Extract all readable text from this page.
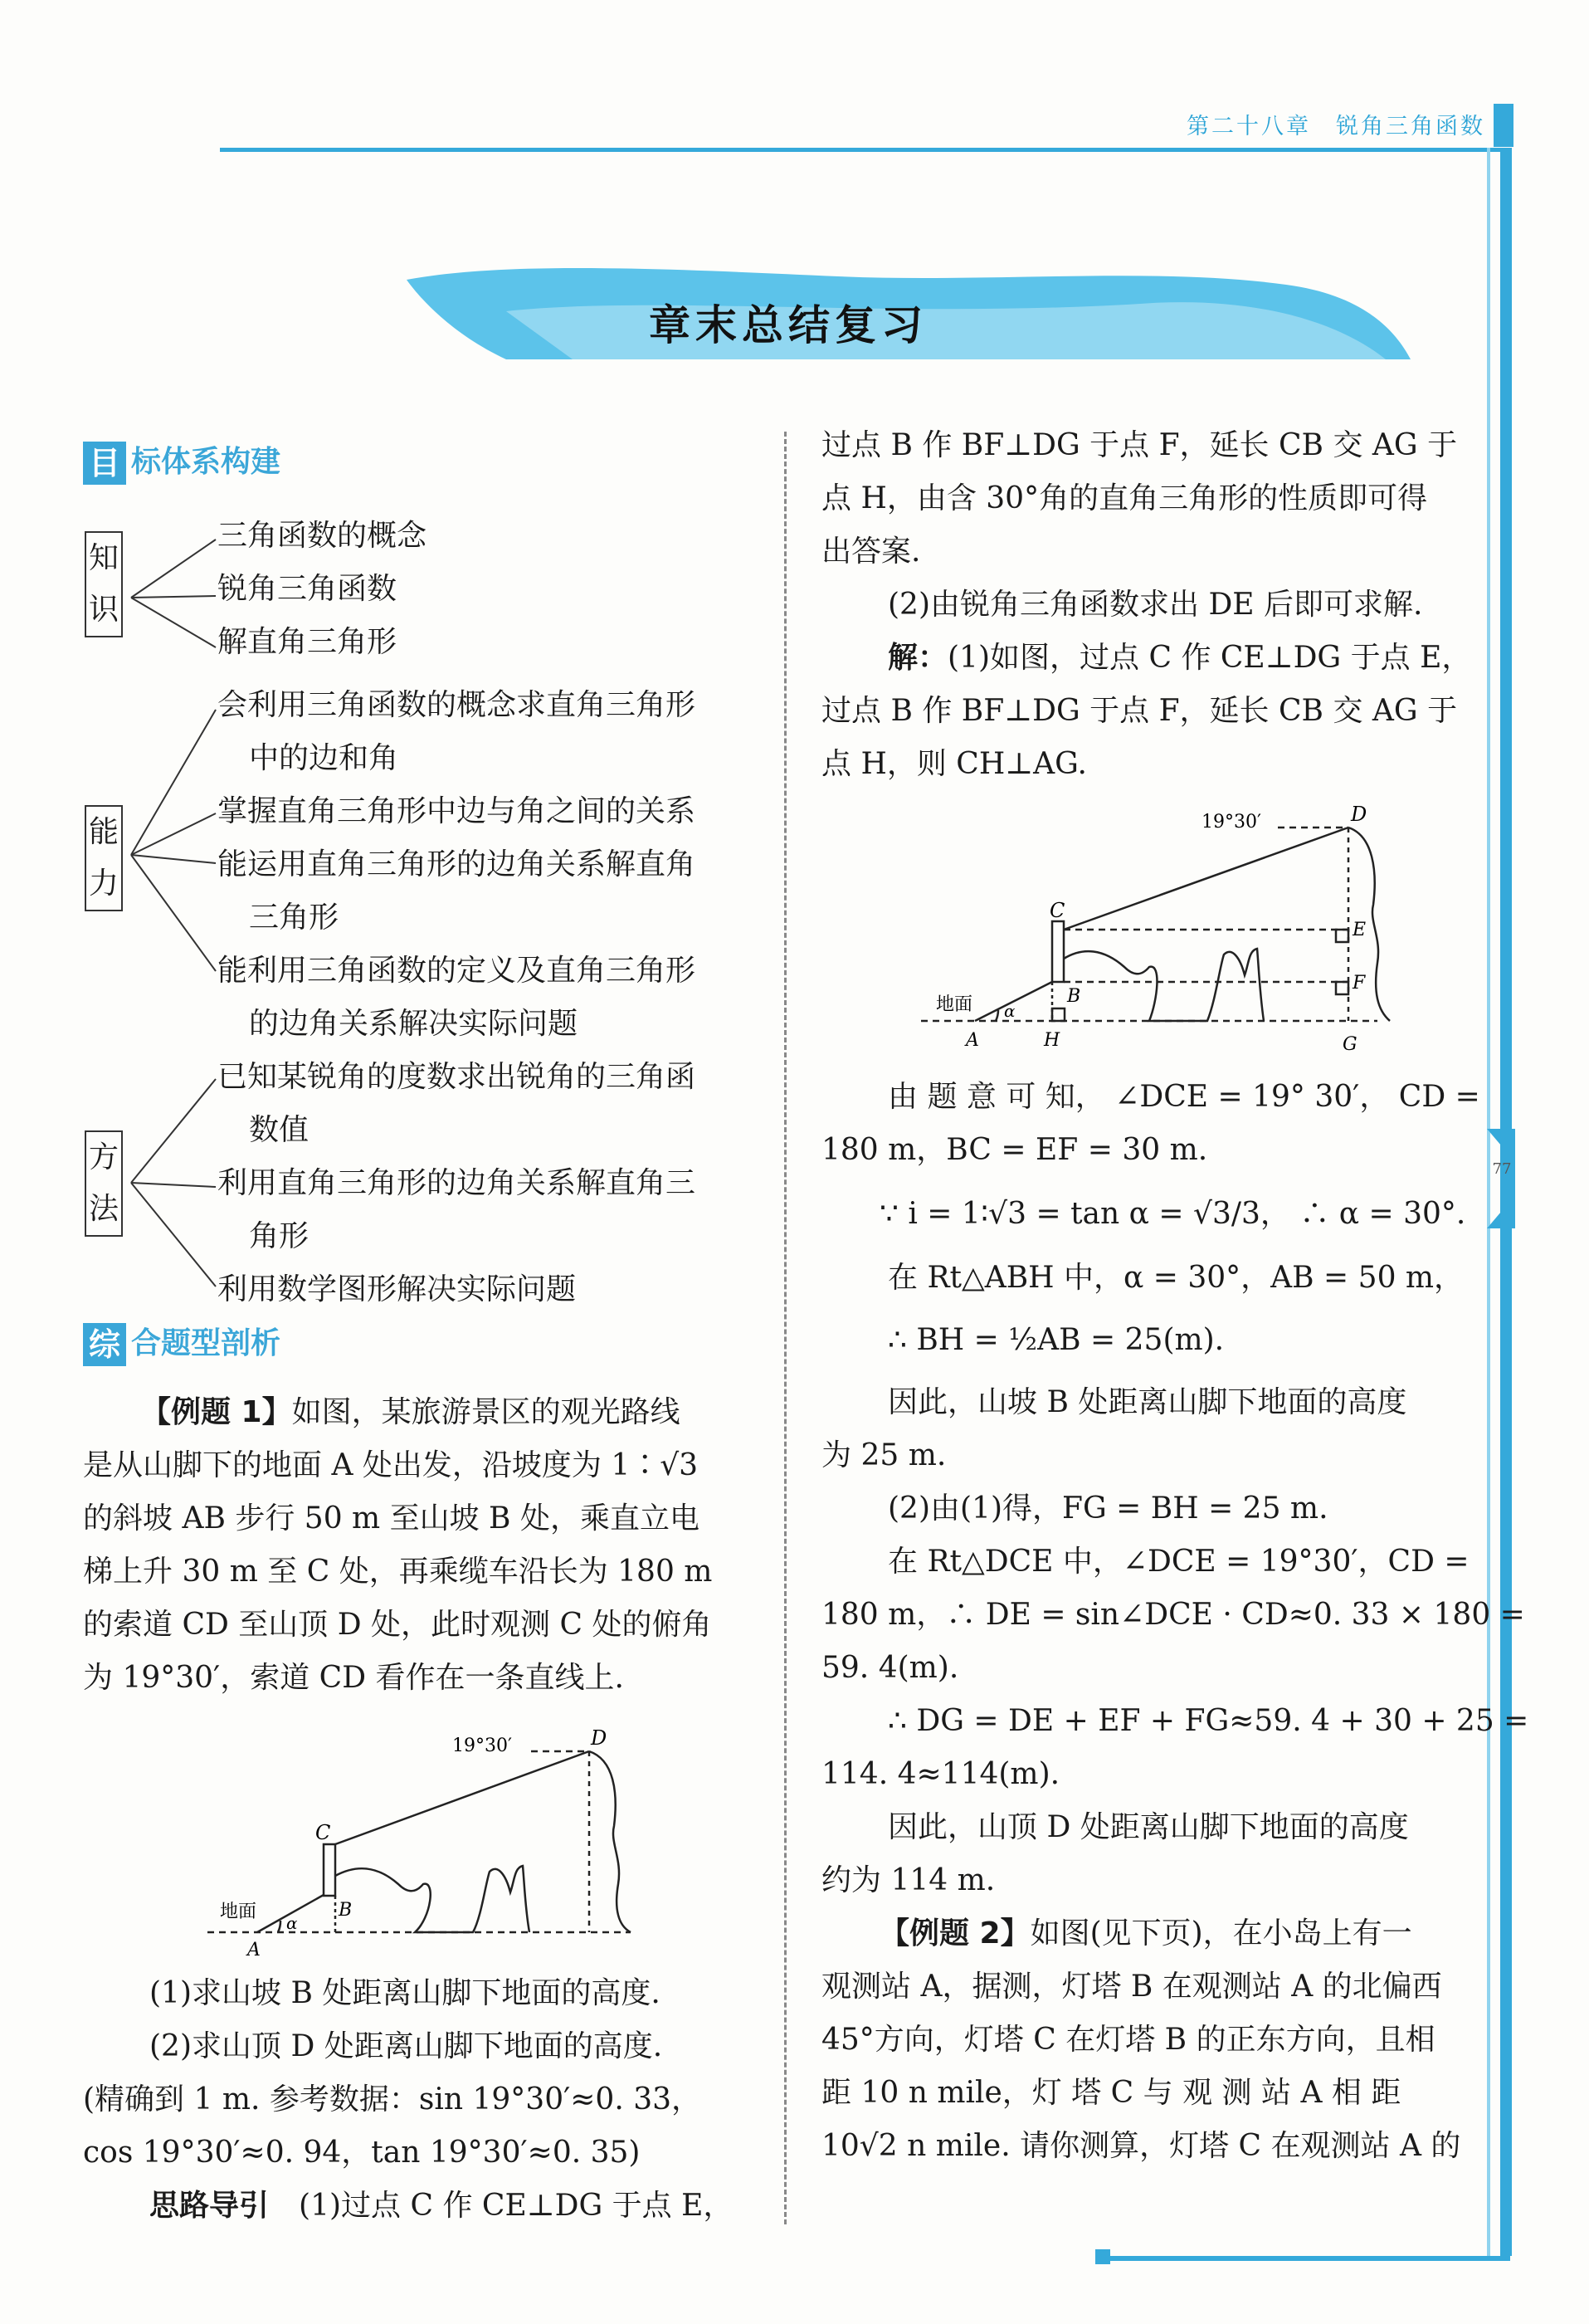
第二十八章　锐角三角函数
77
章末总结复习
目 标体系构建
知识
能力
方法
三角函数的概念
锐角三角函数
解直角三角形
会利用三角函数的概念求直角三角形
中的边和角
掌握直角三角形中边与角之间的关系
能运用直角三角形的边角关系解直角
三角形
能利用三角函数的定义及直角三角形
的边角关系解决实际问题
已知某锐角的度数求出锐角的三角函
数值
利用直角三角形的边角关系解直角三
角形
利用数学图形解决实际问题
综 合题型剖析
【例题 1】如图，某旅游景区的观光路线
是从山脚下的地面 A 处出发，沿坡度为 1∶√3
的斜坡 AB 步行 50 m 至山坡 B 处，乘直立电
梯上升 30 m 至 C 处，再乘缆车沿长为 180 m
的索道 CD 至山顶 D 处，此时观测 C 处的俯角
为 19°30′，索道 CD 看作在一条直线上.
19°30′	D
C
B
A
α
地面
(1)求山坡 B 处距离山脚下地面的高度.
(2)求山顶 D 处距离山脚下地面的高度.
(精确到 1 m. 参考数据：sin 19°30′≈0. 33，
cos 19°30′≈0. 94，tan 19°30′≈0. 35)
思路导引　 (1)过点 C 作 CE⊥DG 于点 E，
过点 B 作 BF⊥DG 于点 F，延长 CB 交 AG 于
点 H，由含 30°角的直角三角形的性质即可得
出答案.
(2)由锐角三角函数求出 DE 后即可求解.
解：(1)如图，过点 C 作 CE⊥DG 于点 E，
过点 B 作 BF⊥DG 于点 F，延长 CB 交 AG 于
点 H，则 CH⊥AG.
19°30′	D
C
E
F
B
A	H	G
α
地面
由 题 意 可 知， ∠DCE = 19° 30′， CD =
180 m，BC = EF = 30 m.
∵ i = 1∶√3 = tan α = √3/3， ∴ α = 30°.
在 Rt△ABH 中，α = 30°，AB = 50 m，
∴ BH = ½AB = 25(m).
因此，山坡 B 处距离山脚下地面的高度
为 25 m.
(2)由(1)得，FG = BH = 25 m.
在 Rt△DCE 中，∠DCE = 19°30′，CD =
180 m，∴ DE = sin∠DCE · CD≈0. 33 × 180 =
59. 4(m).
∴ DG = DE + EF + FG≈59. 4 + 30 + 25 =
114. 4≈114(m).
因此，山顶 D 处距离山脚下地面的高度
约为 114 m.
【例题 2】如图(见下页)，在小岛上有一
观测站 A，据测，灯塔 B 在观测站 A 的北偏西
45°方向，灯塔 C 在灯塔 B 的正东方向，且相
距 10 n mile，灯 塔 C 与 观 测 站 A 相 距
10√2 n mile. 请你测算，灯塔 C 在观测站 A 的
